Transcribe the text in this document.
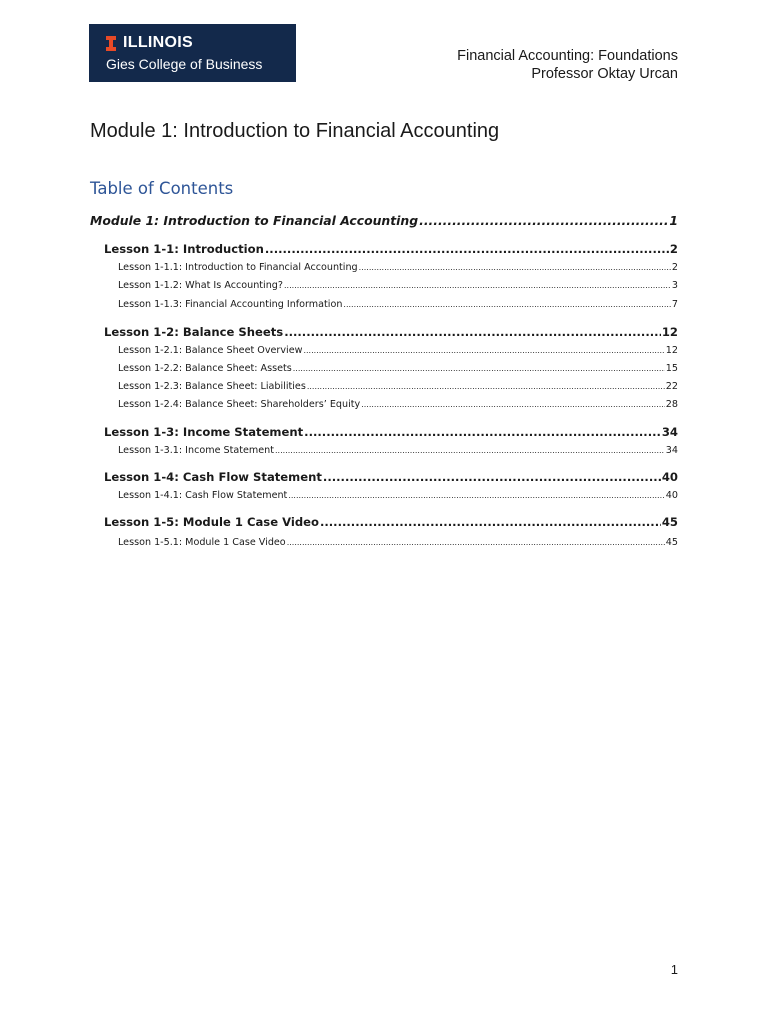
ILLINOIS
Gies College of Business	Financial Accounting: Foundations
Professor Oktay Urcan
Module 1: Introduction to Financial Accounting
Table of Contents
Module 1: Introduction to Financial Accounting .....	1
Lesson 1-1: Introduction .....	2
Lesson 1-1.1: Introduction to Financial Accounting .....	2
Lesson 1-1.2: What Is Accounting? .....	3
Lesson 1-1.3: Financial Accounting Information .....	7
Lesson 1-2: Balance Sheets .....	12
Lesson 1-2.1: Balance Sheet Overview .....	12
Lesson 1-2.2: Balance Sheet: Assets .....	15
Lesson 1-2.3: Balance Sheet: Liabilities .....	22
Lesson 1-2.4: Balance Sheet: Shareholders’ Equity .....	28
Lesson 1-3: Income Statement .....	34
Lesson 1-3.1: Income Statement .....	34
Lesson 1-4: Cash Flow Statement .....	40
Lesson 1-4.1: Cash Flow Statement .....	40
Lesson 1-5: Module 1 Case Video .....	45
Lesson 1-5.1: Module 1 Case Video .....	45
1
